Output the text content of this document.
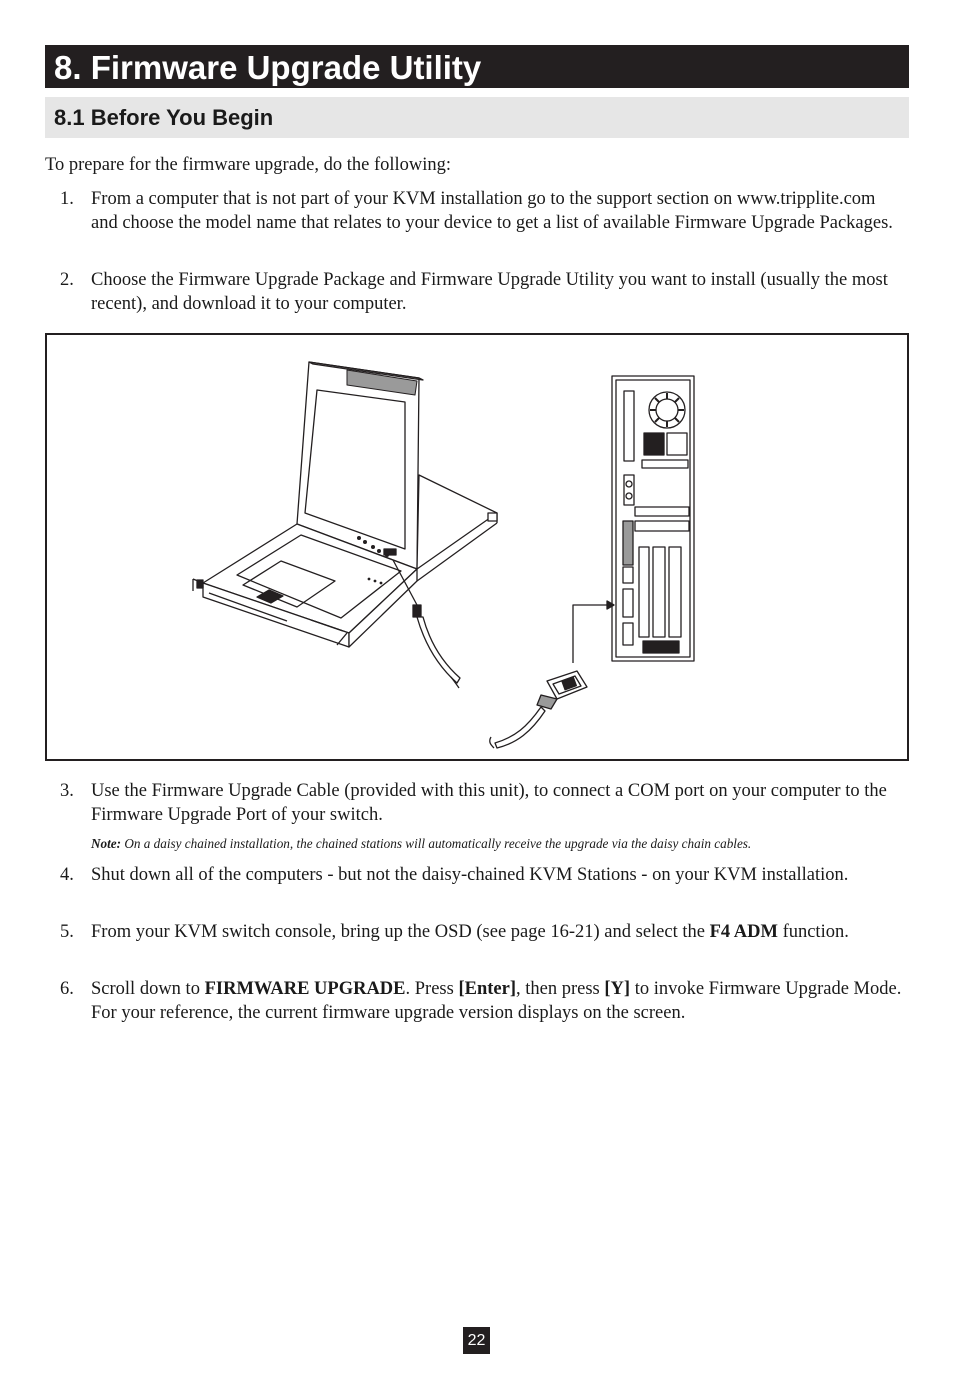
8. Firmware Upgrade Utility
8.1 Before You Begin
To prepare for the firmware upgrade, do the following:
1. From a computer that is not part of your KVM installation go to the support section on www.tripplite.com and choose the model name that relates to your device to get a list of available Firmware Upgrade Packages.
2. Choose the Firmware Upgrade Package and Firmware Upgrade Utility you want to install (usually the most recent), and download it to your computer.
3. Use the Firmware Upgrade Cable (provided with this unit), to connect a COM port on your computer to the Firmware Upgrade Port of your switch.
Note: On a daisy chained installation, the chained stations will automatically receive the upgrade via the daisy chain cables.
4. Shut down all of the computers - but not the daisy-chained KVM Stations - on your KVM installation.
5. From your KVM switch console, bring up the OSD (see page 16-21) and select the F4 ADM function.
6. Scroll down to FIRMWARE UPGRADE. Press [Enter], then press [Y] to invoke Firmware Upgrade Mode. For your reference, the current firmware upgrade version displays on the screen.
22
